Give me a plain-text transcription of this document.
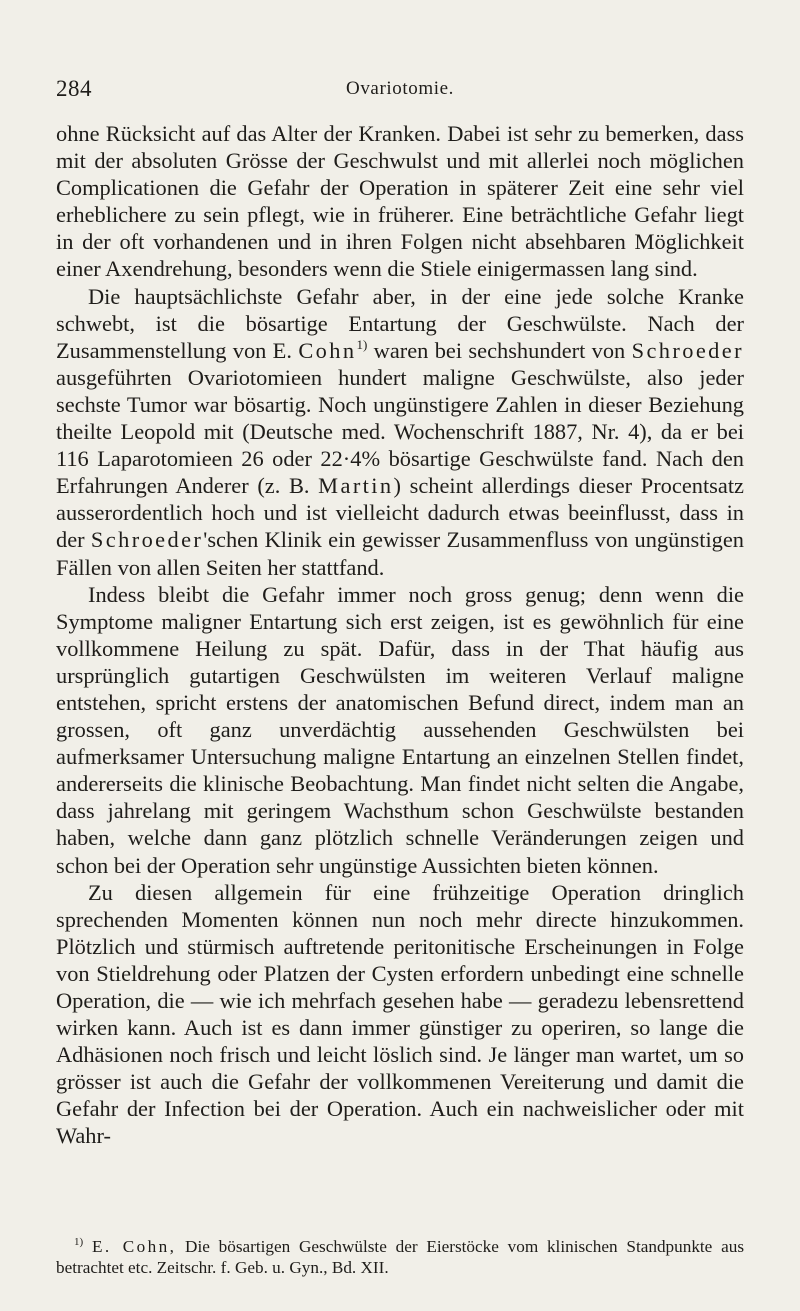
284	Ovariotomie.

ohne Rücksicht auf das Alter der Kranken. Dabei ist sehr zu bemerken, dass mit der absoluten Grösse der Geschwulst und mit allerlei noch möglichen Complicationen die Gefahr der Operation in späterer Zeit eine sehr viel erheblichere zu sein pflegt, wie in früherer. Eine beträchtliche Gefahr liegt in der oft vorhandenen und in ihren Folgen nicht absehbaren Möglichkeit einer Axendrehung, besonders wenn die Stiele einigermassen lang sind.

Die hauptsächlichste Gefahr aber, in der eine jede solche Kranke schwebt, ist die bösartige Entartung der Geschwülste. Nach der Zusammenstellung von E. Cohn$^{1)}$ waren bei sechshundert von Schroeder ausgeführten Ovariotomieen hundert maligne Geschwülste, also jeder sechste Tumor war bösartig. Noch ungünstigere Zahlen in dieser Beziehung theilte Leopold mit (Deutsche med. Wochenschrift 1887, Nr. 4), da er bei 116 Laparotomieen 26 oder 22·4% bösartige Geschwülste fand. Nach den Erfahrungen Anderer (z. B. Martin) scheint allerdings dieser Procentsatz ausserordentlich hoch und ist vielleicht dadurch etwas beeinflusst, dass in der Schroeder'schen Klinik ein gewisser Zusammenfluss von ungünstigen Fällen von allen Seiten her stattfand.

Indess bleibt die Gefahr immer noch gross genug; denn wenn die Symptome maligner Entartung sich erst zeigen, ist es gewöhnlich für eine vollkommene Heilung zu spät. Dafür, dass in der That häufig aus ursprünglich gutartigen Geschwülsten im weiteren Verlauf maligne entstehen, spricht erstens der anatomischen Befund direct, indem man an grossen, oft ganz unverdächtig aussehenden Geschwülsten bei aufmerksamer Untersuchung maligne Entartung an einzelnen Stellen findet, andererseits die klinische Beobachtung. Man findet nicht selten die Angabe, dass jahrelang mit geringem Wachsthum schon Geschwülste bestanden haben, welche dann ganz plötzlich schnelle Veränderungen zeigen und schon bei der Operation sehr ungünstige Aussichten bieten können.

Zu diesen allgemein für eine frühzeitige Operation dringlich sprechenden Momenten können nun noch mehr directe hinzukommen. Plötzlich und stürmisch auftretende peritonitische Erscheinungen in Folge von Stieldrehung oder Platzen der Cysten erfordern unbedingt eine schnelle Operation, die — wie ich mehrfach gesehen habe — geradezu lebensrettend wirken kann. Auch ist es dann immer günstiger zu operiren, so lange die Adhäsionen noch frisch und leicht löslich sind. Je länger man wartet, um so grösser ist auch die Gefahr der vollkommenen Vereiterung und damit die Gefahr der Infection bei der Operation. Auch ein nachweislicher oder mit Wahr-

$^{1)}$ E. Cohn, Die bösartigen Geschwülste der Eierstöcke vom klinischen Standpunkte aus betrachtet etc. Zeitschr. f. Geb. u. Gyn., Bd. XII.
